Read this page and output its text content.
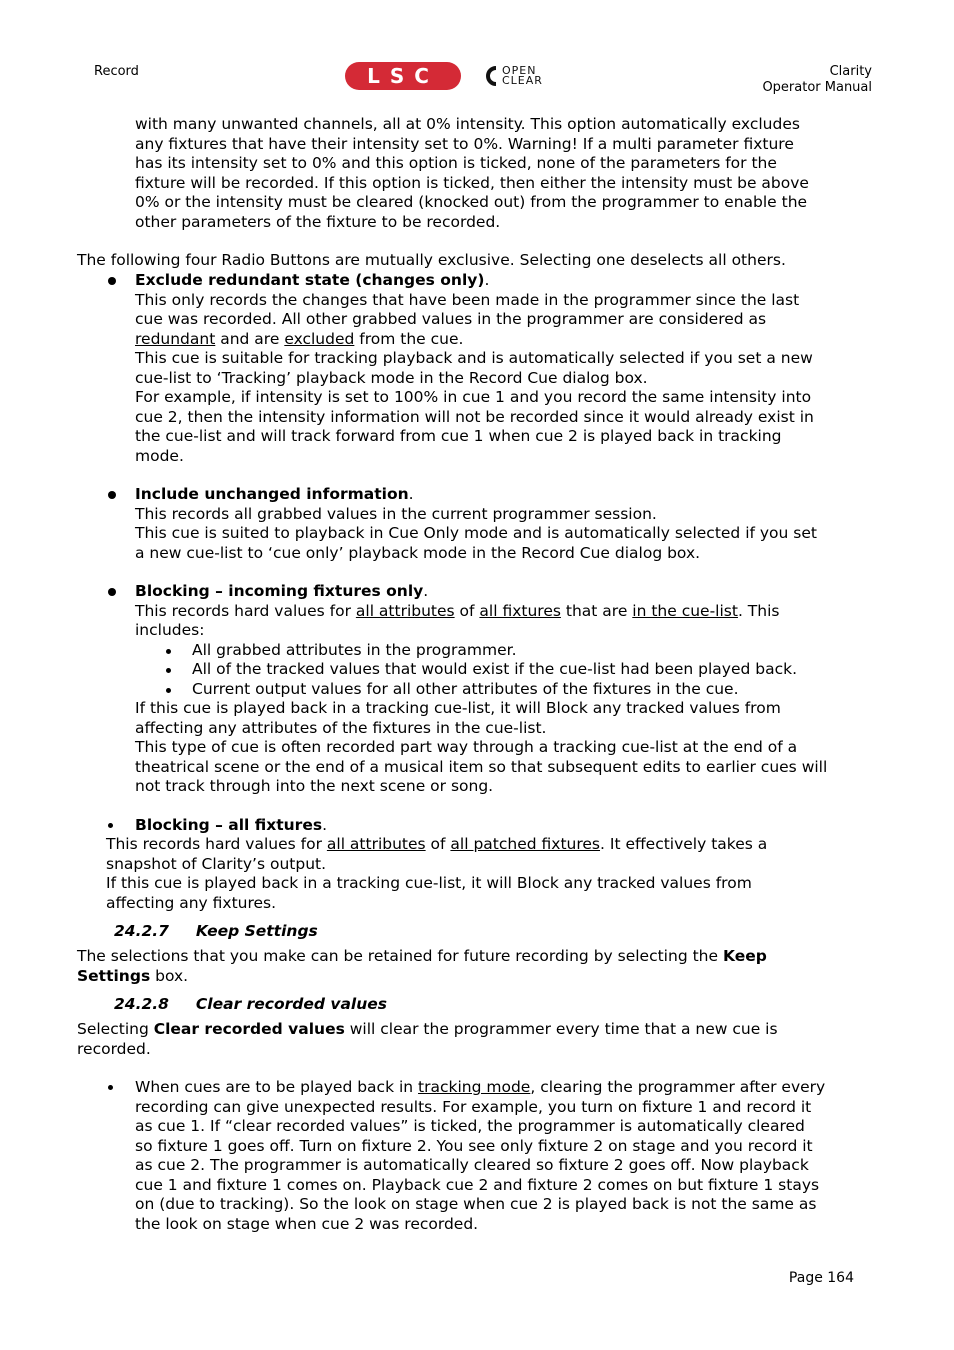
Record	LSC	OPEN
CLEAR
Clarity
Operator Manual
with many unwanted channels, all at 0% intensity. This option automatically excludes
any fixtures that have their intensity set to 0%. Warning! If a multi parameter fixture
has its intensity set to 0% and this option is ticked, none of the parameters for the
fixture will be recorded. If this option is ticked, then either the intensity must be above
0% or the intensity must be cleared (knocked out) from the programmer to enable the
other parameters of the fixture to be recorded.
The following four Radio Buttons are mutually exclusive. Selecting one deselects all others.
Exclude redundant state (changes only).
This only records the changes that have been made in the programmer since the last
cue was recorded. All other grabbed values in the programmer are considered as
redundant and are excluded from the cue.
This cue is suitable for tracking playback and is automatically selected if you set a new
cue-list to ‘Tracking’ playback mode in the Record Cue dialog box.
For example, if intensity is set to 100% in cue 1 and you record the same intensity into
cue 2, then the intensity information will not be recorded since it would already exist in
the cue-list and will track forward from cue 1 when cue 2 is played back in tracking
mode.
Include unchanged information.
This records all grabbed values in the current programmer session.
This cue is suited to playback in Cue Only mode and is automatically selected if you set
a new cue-list to ‘cue only’ playback mode in the Record Cue dialog box.
Blocking – incoming fixtures only.
This records hard values for all attributes of all fixtures that are in the cue-list. This
includes:
All grabbed attributes in the programmer.
All of the tracked values that would exist if the cue-list had been played back.
Current output values for all other attributes of the fixtures in the cue.
If this cue is played back in a tracking cue-list, it will Block any tracked values from
affecting any attributes of the fixtures in the cue-list.
This type of cue is often recorded part way through a tracking cue-list at the end of a
theatrical scene or the end of a musical item so that subsequent edits to earlier cues will
not track through into the next scene or song.
Blocking – all fixtures.
This records hard values for all attributes of all patched fixtures. It effectively takes a
snapshot of Clarity’s output.
If this cue is played back in a tracking cue-list, it will Block any tracked values from
affecting any fixtures.
24.2.7 Keep Settings
The selections that you make can be retained for future recording by selecting the Keep
Settings box.
24.2.8 Clear recorded values
Selecting Clear recorded values will clear the programmer every time that a new cue is
recorded.
When cues are to be played back in tracking mode, clearing the programmer after every
recording can give unexpected results. For example, you turn on fixture 1 and record it
as cue 1. If “clear recorded values” is ticked, the programmer is automatically cleared
so fixture 1 goes off. Turn on fixture 2. You see only fixture 2 on stage and you record it
as cue 2. The programmer is automatically cleared so fixture 2 goes off. Now playback
cue 1 and fixture 1 comes on. Playback cue 2 and fixture 2 comes on but fixture 1 stays
on (due to tracking). So the look on stage when cue 2 is played back is not the same as
the look on stage when cue 2 was recorded.
Page 164
